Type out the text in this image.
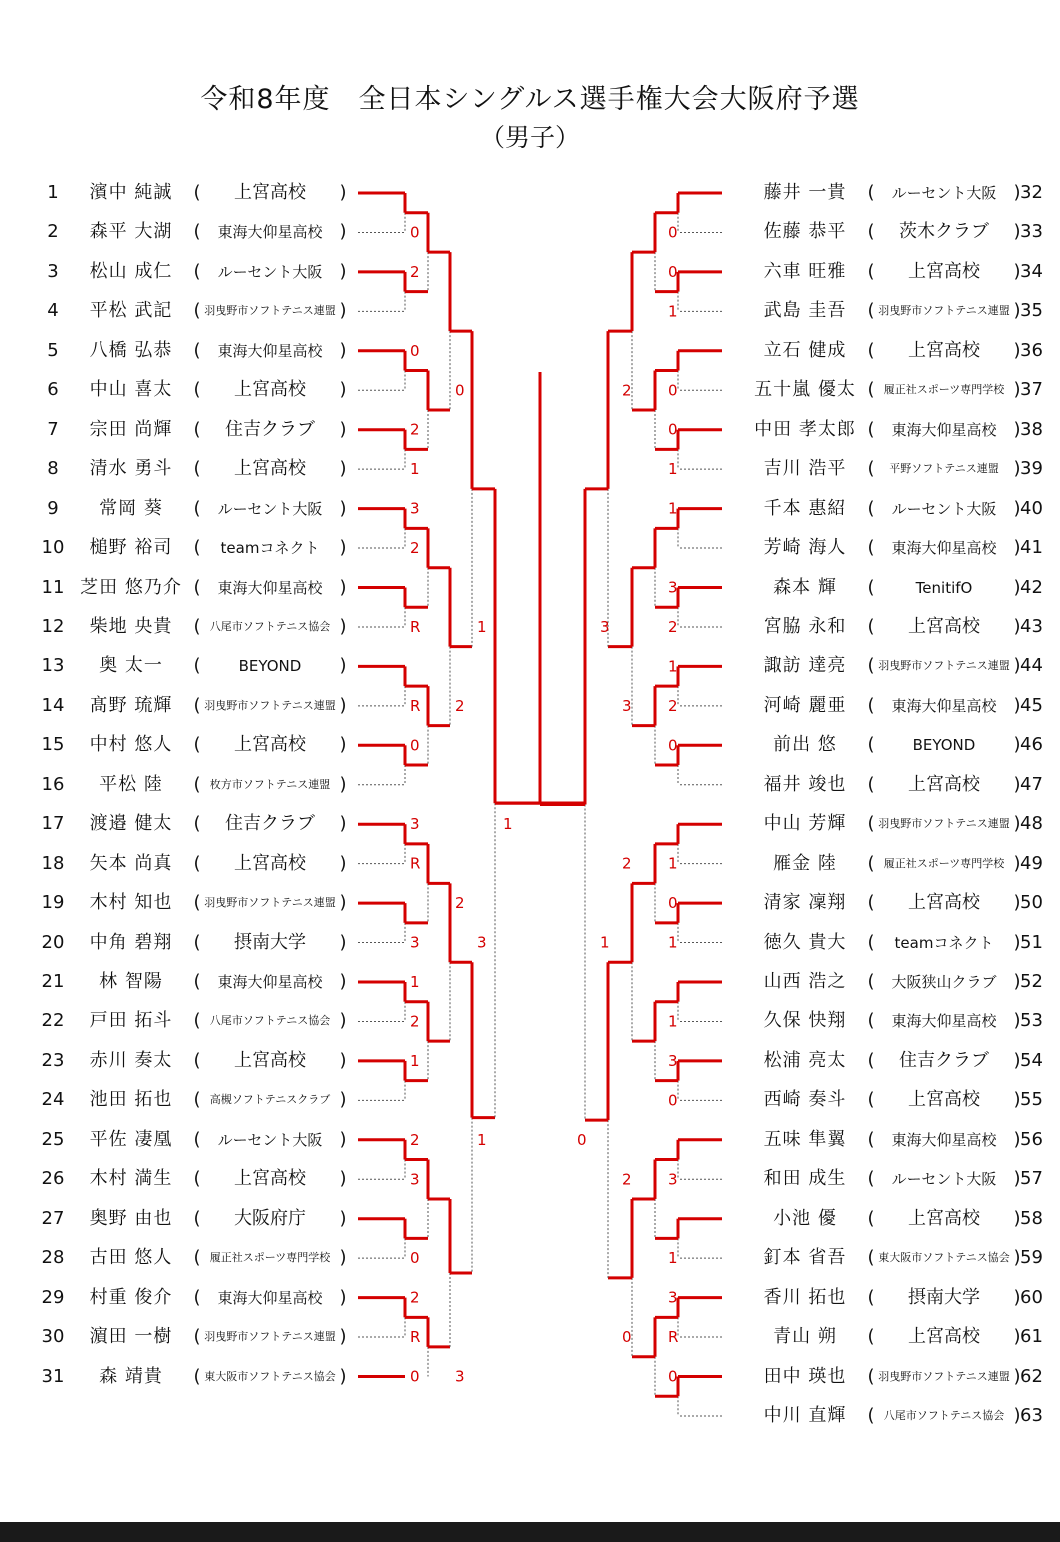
令和8年度　全日本シングルス選手権大会大阪府予選
（男子）
1	濱中 純誠	(	上宮高校	)
2	森平 大湖	(	東海大仰星高校 )
3	松山 成仁	(	ルーセント大阪 )
4	平松 武記	( 羽曳野市ソフトテニス連盟 )
5	八橋 弘恭	(	東海大仰星高校 )
6	中山 喜太	(	上宮高校	)
7	宗田 尚輝	(	住吉クラブ	)
8	清水 勇斗	(	上宮高校	)
9	常岡 葵	(	ルーセント大阪 )
10	槌野 裕司	(	teamコネクト	)
11 芝田 悠乃介 (	東海大仰星高校 )
12	柴地 央貴	( 八尾市ソフトテニス協会 )
13	奥 太一	(	BEYOND	)
14	髙野 琉輝	( 羽曳野市ソフトテニス連盟 )
15	中村 悠人	(	上宮高校	)
16	平松 陸	( 枚方市ソフトテニス連盟 )
17	渡邉 健太	(	住吉クラブ	)
18	矢本 尚真	(	上宮高校	)
19	木村 知也	( 羽曳野市ソフトテニス連盟 )
20	中角 碧翔	(	摂南大学	)
21	林 智陽	(	東海大仰星高校 )
22	戸田 拓斗	( 八尾市ソフトテニス協会 )
23	赤川 奏太	(	上宮高校	)
24	池田 拓也	( 高槻ソフトテニスクラブ )
25	平佐 凄凰	(	ルーセント大阪 )
26	木村 満生	(	上宮高校	)
27	奥野 由也	(	大阪府庁	)
28	古田 悠人	( 履正社スポーツ専門学校 )
29	村重 俊介	(	東海大仰星高校 )
30	濵田 一樹	( 羽曳野市ソフトテニス連盟 )
31	森 靖貴	( 東大阪市ソフトテニス協会 )
藤井 一貴	(	ルーセント大阪 ) 32
佐藤 恭平	(	茨木クラブ	) 33
六車 旺雅	(	上宮高校	) 34
武島 圭吾	( 羽曳野市ソフトテニス連盟 ) 35
立石 健成	(	上宮高校	) 36
五十嵐 優太 ( 履正社スポーツ専門学校 ) 37
中田 孝太郎 (	東海大仰星高校 ) 38
吉川 浩平	(	平野ソフトテニス連盟 ) 39
千本 惠紹	(	ルーセント大阪 ) 40
芳崎 海人	(	東海大仰星高校 ) 41
森本 輝	(	TenitifO	) 42
宮脇 永和	(	上宮高校	) 43
諏訪 達亮	( 羽曳野市ソフトテニス連盟 ) 44
河崎 麗亜	(	東海大仰星高校 ) 45
前出 悠	(	BEYOND	) 46
福井 竣也	(	上宮高校	) 47
中山 芳輝	( 羽曳野市ソフトテニス連盟 ) 48
雁金 陸	( 履正社スポーツ専門学校 ) 49
清家 凜翔	(	上宮高校	) 50
徳久 貴大	(	teamコネクト	) 51
山西 浩之	(	大阪狭山クラブ ) 52
久保 快翔	(	東海大仰星高校 ) 53
松浦 亮太	(	住吉クラブ	) 54
西崎 奏斗	(	上宮高校	) 55
五味 隼翼	(	東海大仰星高校 ) 56
和田 成生	(	ルーセント大阪 ) 57
小池 優	(	上宮高校	) 58
釘本 省吾	( 東大阪市ソフトテニス協会 ) 59
香川 拓也	(	摂南大学	) 60
青山 朔	(	上宮高校	) 61
田中 瑛也	( 羽曳野市ソフトテニス連盟 ) 62
中川 直輝	( 八尾市ソフトテニス協会 ) 63
0
2
0
2
1
3
2
R
R
0
3
R
3
1
2
1
2
3
0
2
R
0
0
2
2
3
1
3
1
1
0
0
1
0
0
1
1
3
2
1
2
0
1
0
1
1
3
0
3
1
3
R
0
2
3
2
2
0
3
1
0
